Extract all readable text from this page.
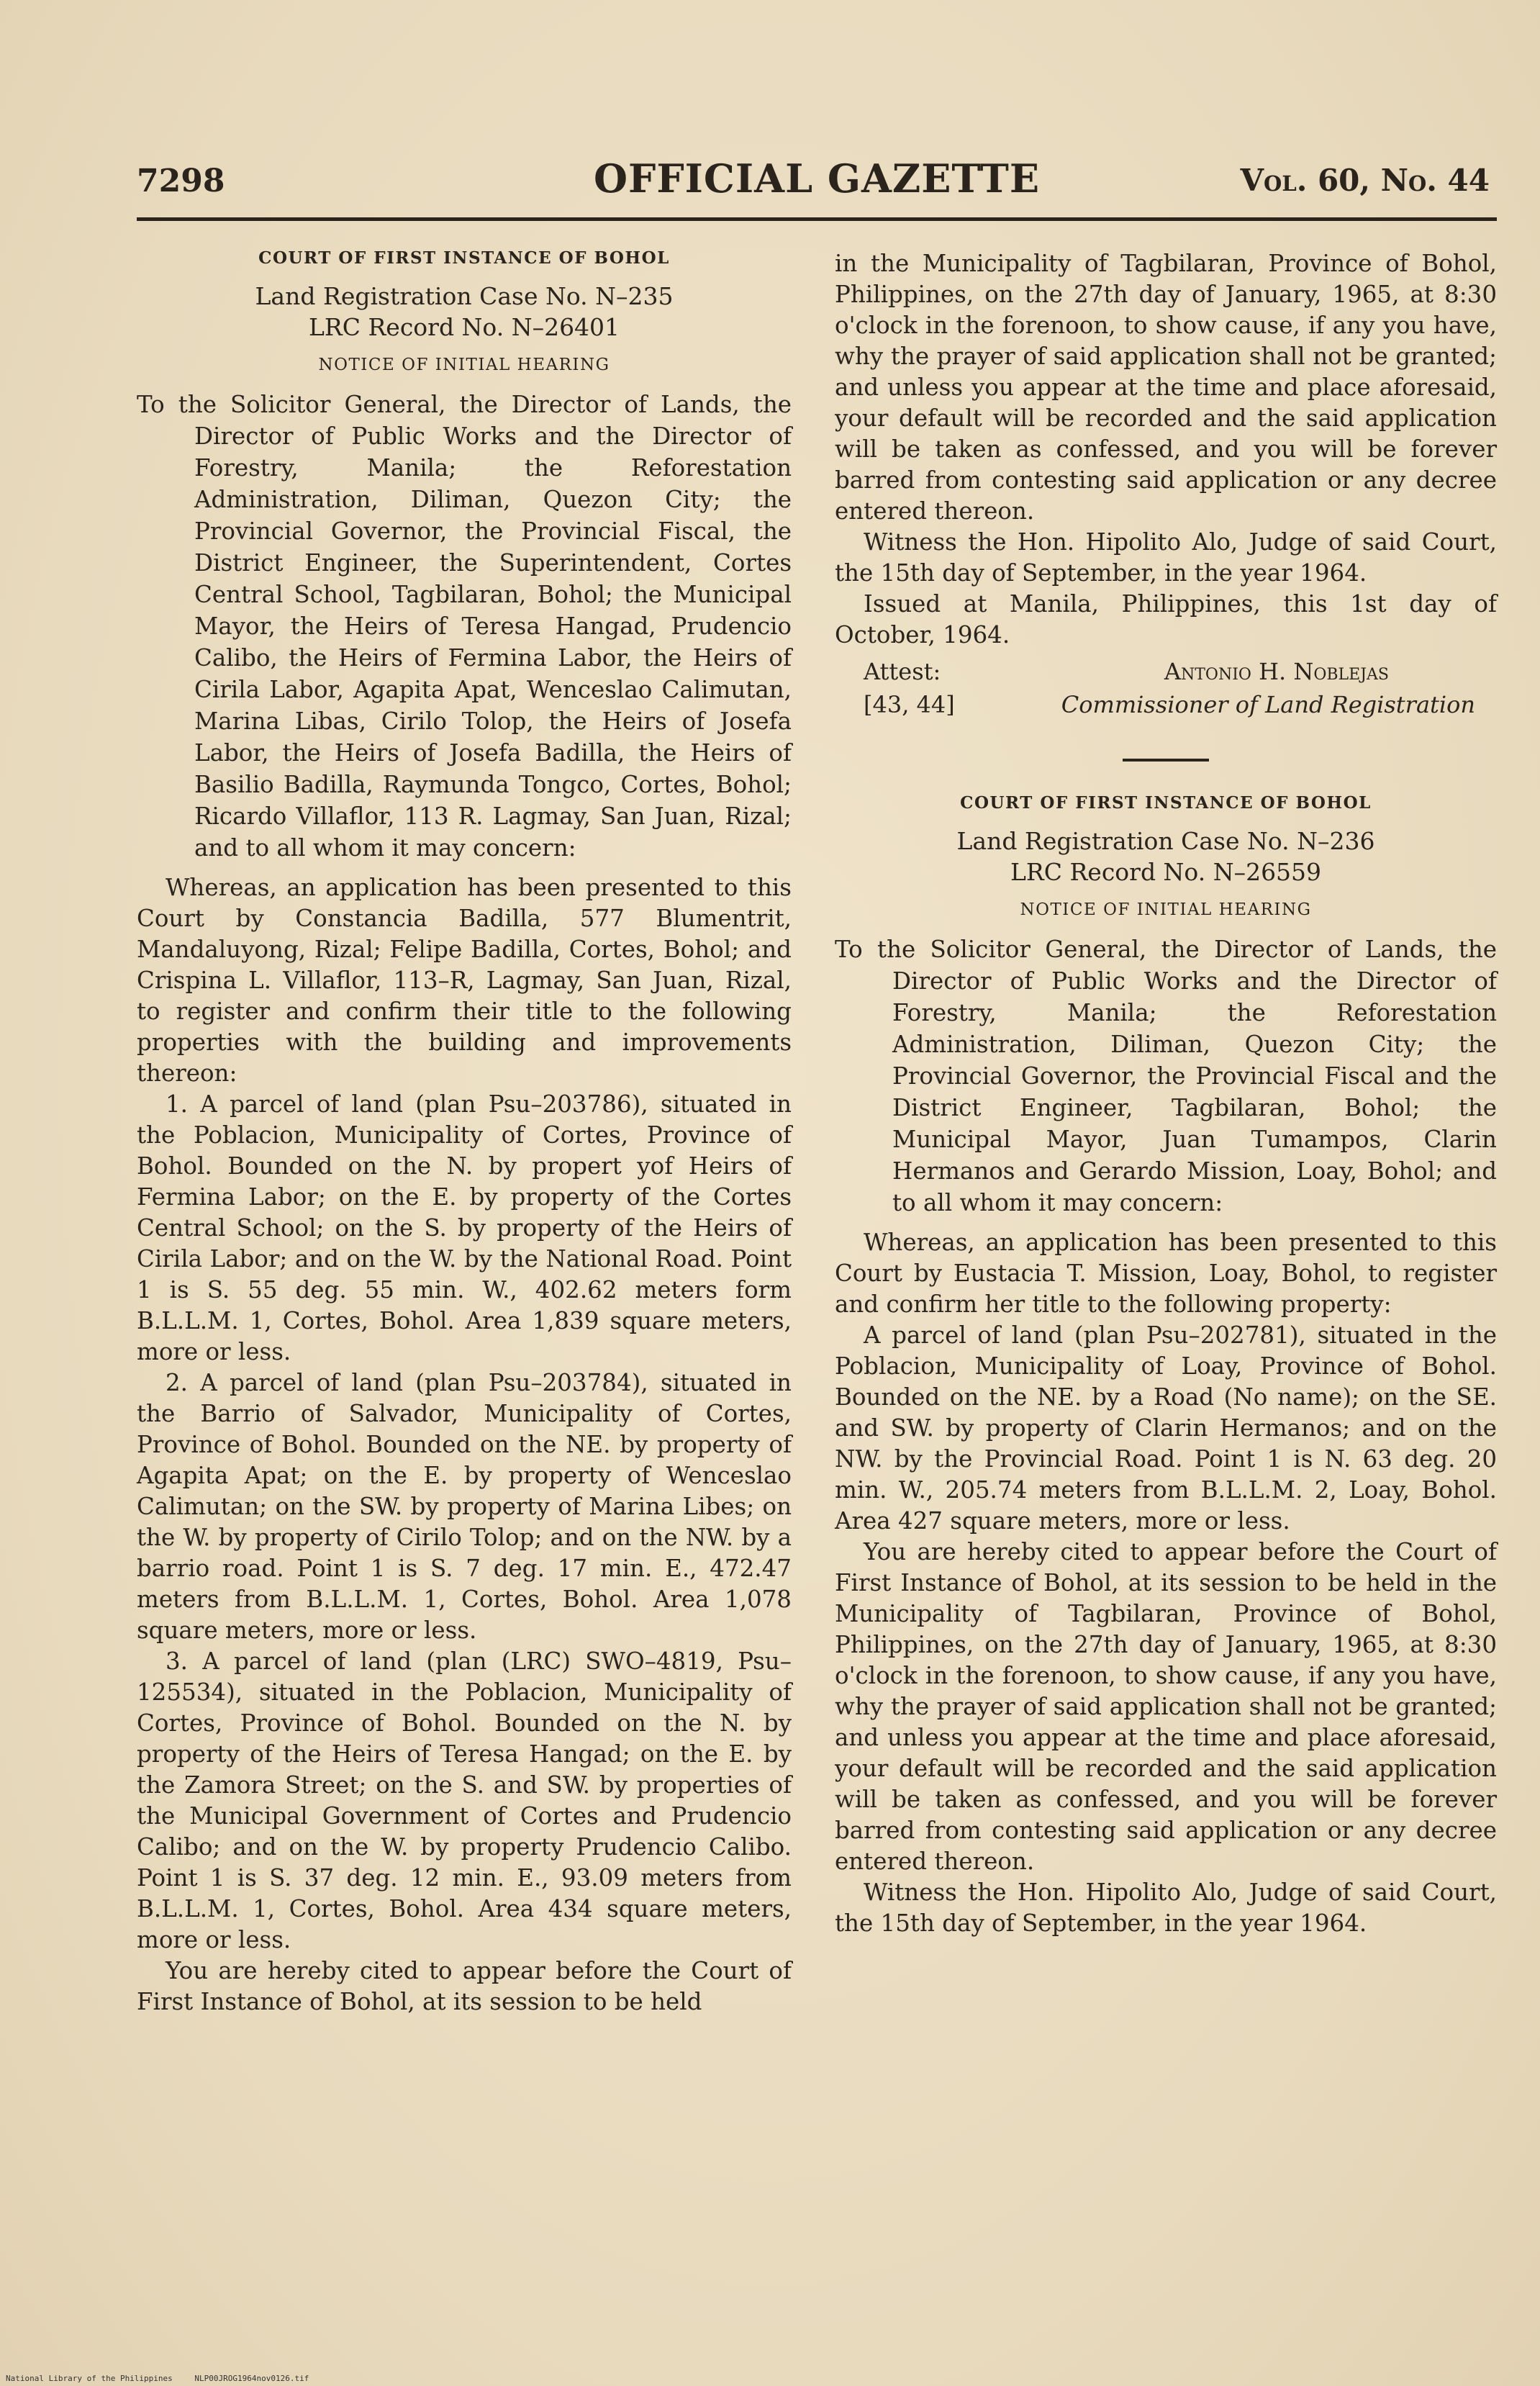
7298	OFFICIAL GAZETTE	Vol. 60, No. 44

COURT OF FIRST INSTANCE OF BOHOL

Land Registration Case No. N–235

LRC Record No. N–26401

NOTICE OF INITIAL HEARING

To the Solicitor General, the Director of Lands, the Director of Public Works and the Director of Forestry, Manila; the Reforestation Administration, Diliman, Quezon City; the Provincial Governor, the Provincial Fiscal, the District Engineer, the Superintendent, Cortes Central School, Tagbilaran, Bohol; the Municipal Mayor, the Heirs of Teresa Hangad, Prudencio Calibo, the Heirs of Fermina Labor, the Heirs of Cirila Labor, Agapita Apat, Wenceslao Calimutan, Marina Libas, Cirilo Tolop, the Heirs of Josefa Labor, the Heirs of Josefa Badilla, the Heirs of Basilio Badilla, Raymunda Tongco, Cortes, Bohol; Ricardo Villaflor, 113 R. Lagmay, San Juan, Rizal; and to all whom it may concern:

Whereas, an application has been presented to this Court by Constancia Badilla, 577 Blumentrit, Mandaluyong, Rizal; Felipe Badilla, Cortes, Bohol; and Crispina L. Villaflor, 113–R, Lagmay, San Juan, Rizal, to register and confirm their title to the following properties with the building and improvements thereon:

1. A parcel of land (plan Psu–203786), situated in the Poblacion, Municipality of Cortes, Province of Bohol. Bounded on the N. by propert yof Heirs of Fermina Labor; on the E. by property of the Cortes Central School; on the S. by property of the Heirs of Cirila Labor; and on the W. by the National Road. Point 1 is S. 55 deg. 55 min. W., 402.62 meters form B.L.L.M. 1, Cortes, Bohol. Area 1,839 square meters, more or less.

2. A parcel of land (plan Psu–203784), situated in the Barrio of Salvador, Municipality of Cortes, Province of Bohol. Bounded on the NE. by property of Agapita Apat; on the E. by property of Wenceslao Calimutan; on the SW. by property of Marina Libes; on the W. by property of Cirilo Tolop; and on the NW. by a barrio road. Point 1 is S. 7 deg. 17 min. E., 472.47 meters from B.L.L.M. 1, Cortes, Bohol. Area 1,078 square meters, more or less.

3. A parcel of land (plan (LRC) SWO–4819, Psu–125534), situated in the Poblacion, Municipality of Cortes, Province of Bohol. Bounded on the N. by property of the Heirs of Teresa Hangad; on the E. by the Zamora Street; on the S. and SW. by properties of the Municipal Government of Cortes and Prudencio Calibo; and on the W. by property Prudencio Calibo. Point 1 is S. 37 deg. 12 min. E., 93.09 meters from B.L.L.M. 1, Cortes, Bohol. Area 434 square meters, more or less.

You are hereby cited to appear before the Court of First Instance of Bohol, at its session to be held

in the Municipality of Tagbilaran, Province of Bohol, Philippines, on the 27th day of January, 1965, at 8:30 o'clock in the forenoon, to show cause, if any you have, why the prayer of said application shall not be granted; and unless you appear at the time and place aforesaid, your default will be recorded and the said application will be taken as confessed, and you will be forever barred from contesting said application or any decree entered thereon.

Witness the Hon. Hipolito Alo, Judge of said Court, the 15th day of September, in the year 1964.

Issued at Manila, Philippines, this 1st day of October, 1964.

Attest:	Antonio H. Noblejas
[43, 44]	Commissioner of Land Registration

COURT OF FIRST INSTANCE OF BOHOL

Land Registration Case No. N–236

LRC Record No. N–26559

NOTICE OF INITIAL HEARING

To the Solicitor General, the Director of Lands, the Director of Public Works and the Director of Forestry, Manila; the Reforestation Administration, Diliman, Quezon City; the Provincial Governor, the Provincial Fiscal and the District Engineer, Tagbilaran, Bohol; the Municipal Mayor, Juan Tumampos, Clarin Hermanos and Gerardo Mission, Loay, Bohol; and to all whom it may concern:

Whereas, an application has been presented to this Court by Eustacia T. Mission, Loay, Bohol, to register and confirm her title to the following property:

A parcel of land (plan Psu–202781), situated in the Poblacion, Municipality of Loay, Province of Bohol. Bounded on the NE. by a Road (No name); on the SE. and SW. by property of Clarin Hermanos; and on the NW. by the Provincial Road. Point 1 is N. 63 deg. 20 min. W., 205.74 meters from B.L.L.M. 2, Loay, Bohol. Area 427 square meters, more or less.

You are hereby cited to appear before the Court of First Instance of Bohol, at its session to be held in the Municipality of Tagbilaran, Province of Bohol, Philippines, on the 27th day of January, 1965, at 8:30 o'clock in the forenoon, to show cause, if any you have, why the prayer of said application shall not be granted; and unless you appear at the time and place aforesaid, your default will be recorded and the said application will be taken as confessed, and you will be forever barred from contesting said application or any decree entered thereon.

Witness the Hon. Hipolito Alo, Judge of said Court, the 15th day of September, in the year 1964.

National Library of the Philippines	NLP00JROG1964nov0126.tif
